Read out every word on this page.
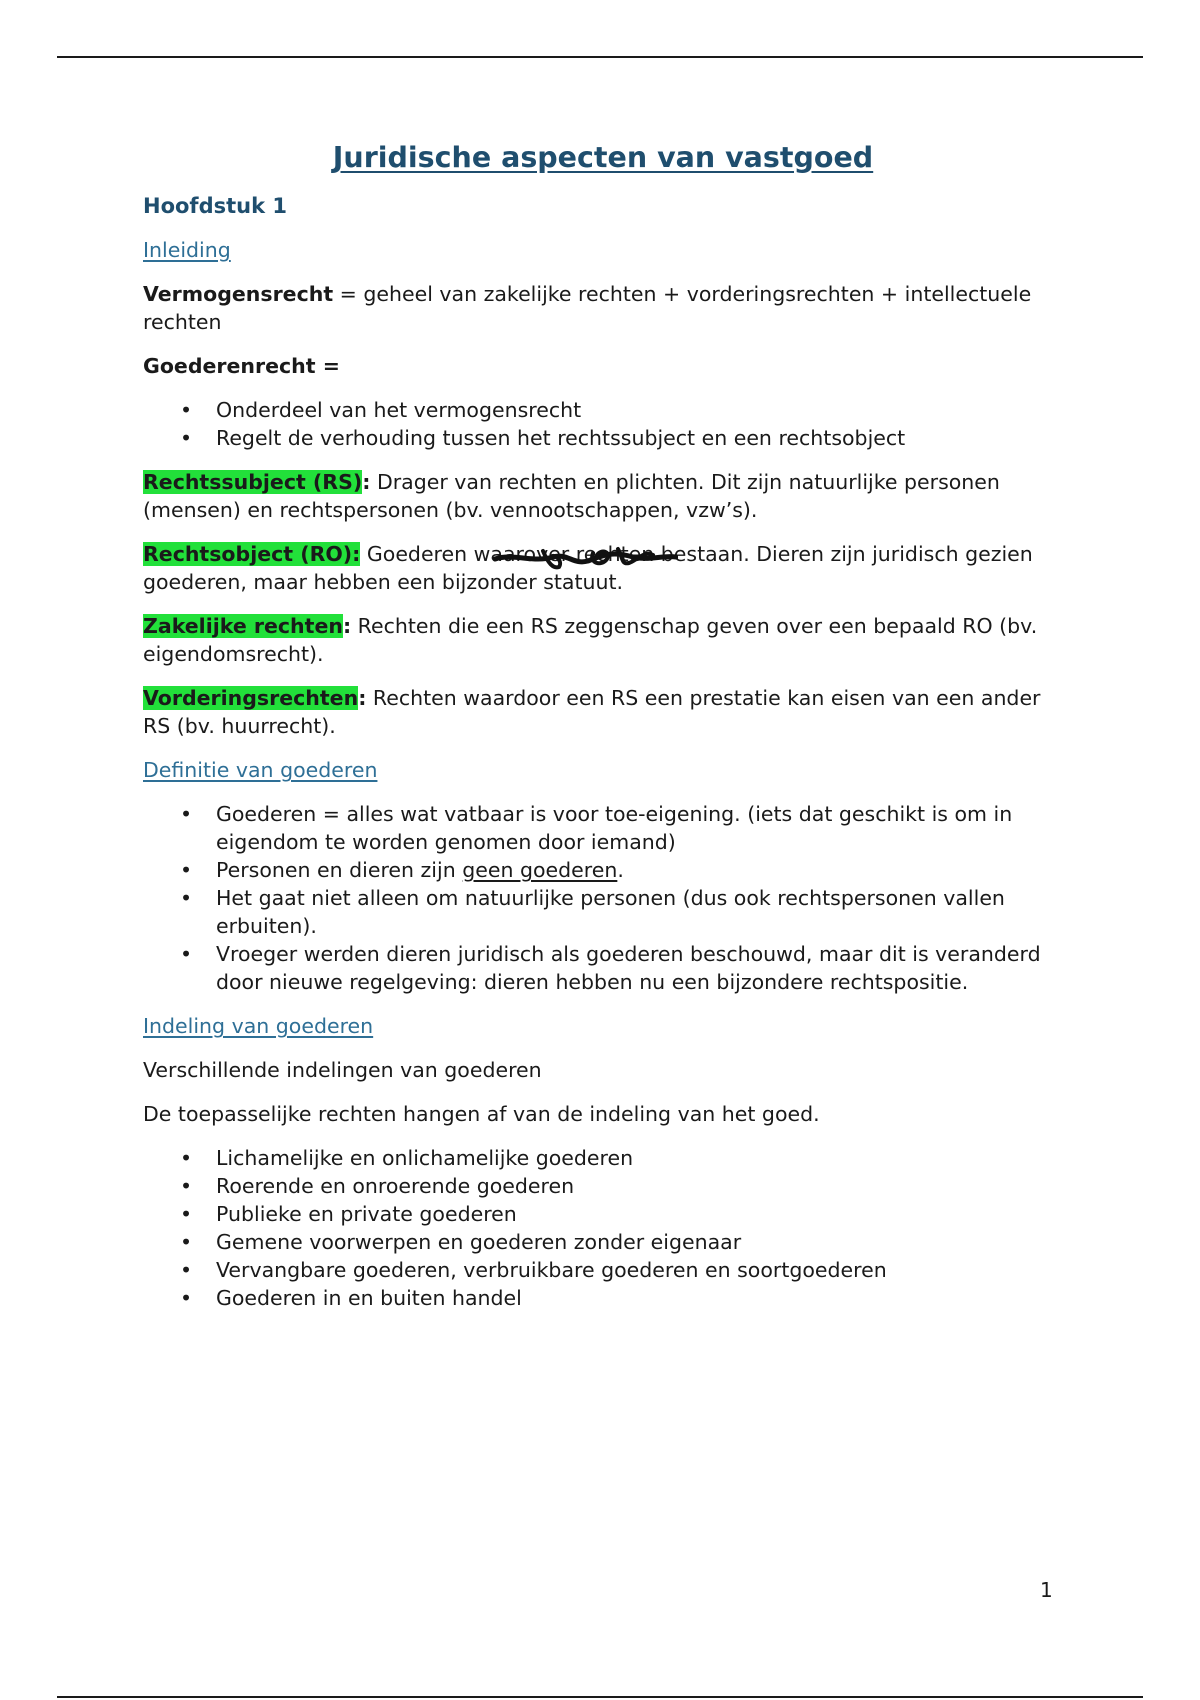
Juridische aspecten van vastgoed
Hoofdstuk 1
Inleiding

Vermogensrecht = geheel van zakelijke rechten + vorderingsrechten + intellectuele rechten

Goederenrecht =

• Onderdeel van het vermogensrecht
• Regelt de verhouding tussen het rechtssubject en een rechtsobject

Rechtssubject (RS): Drager van rechten en plichten. Dit zijn natuurlijke personen (mensen) en rechtspersonen (bv. vennootschappen, vzw’s).

Rechtsobject (RO): Goederen waarover rechten bestaan. Dieren zijn juridisch gezien goederen, maar hebben een bijzonder statuut.

Zakelijke rechten: Rechten die een RS zeggenschap geven over een bepaald RO (bv. eigendomsrecht).

Vorderingsrechten: Rechten waardoor een RS een prestatie kan eisen van een ander RS (bv. huurrecht).

Definitie van goederen
• Goederen = alles wat vatbaar is voor toe-eigening. (iets dat geschikt is om in eigendom te worden genomen door iemand)
• Personen en dieren zijn geen goederen.
• Het gaat niet alleen om natuurlijke personen (dus ook rechtspersonen vallen erbuiten).
• Vroeger werden dieren juridisch als goederen beschouwd, maar dit is veranderd door nieuwe regelgeving: dieren hebben nu een bijzondere rechtspositie.
Indeling van goederen

Verschillende indelingen van goederen

De toepasselijke rechten hangen af van de indeling van het goed.

• Lichamelijke en onlichamelijke goederen
• Roerende en onroerende goederen
• Publieke en private goederen
• Gemene voorwerpen en goederen zonder eigenaar
• Vervangbare goederen, verbruikbare goederen en soortgoederen
• Goederen in en buiten handel
1
